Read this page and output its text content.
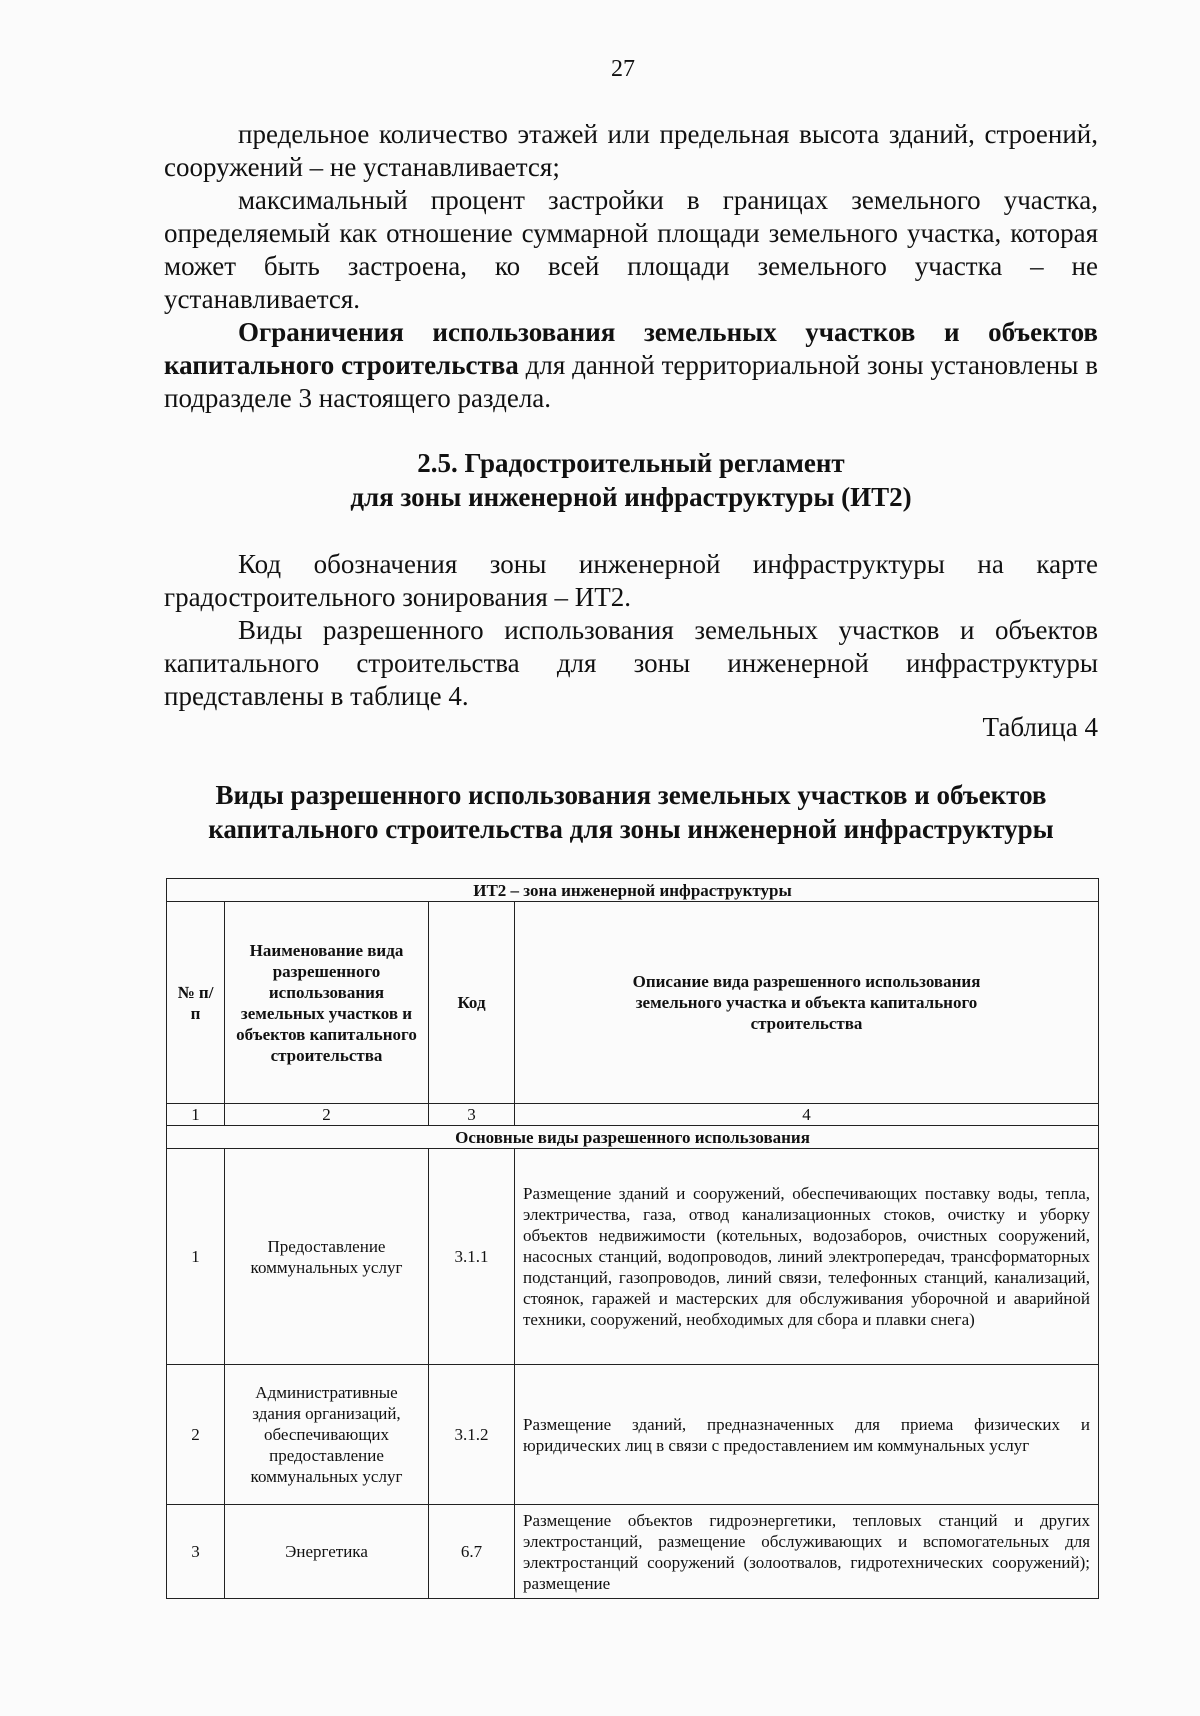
27

предельное количество этажей или предельная высота зданий, строений, сооружений – не устанавливается;

максимальный процент застройки в границах земельного участка, определяемый как отношение суммарной площади земельного участка, которая может быть застроена, ко всей площади земельного участка – не устанавливается.

Ограничения использования земельных участков и объектов капитального строительства для данной территориальной зоны установлены в подразделе 3 настоящего раздела.

2.5. Градостроительный регламент
для зоны инженерной инфраструктуры (ИТ2)

Код обозначения зоны инженерной инфраструктуры на карте градостроительного зонирования – ИТ2.

Виды разрешенного использования земельных участков и объектов капитального строительства для зоны инженерной инфраструктуры представлены в таблице 4.

Таблица 4
Виды разрешенного использования земельных участков и объектов
капитального строительства для зоны инженерной инфраструктуры
ИТ2 – зона инженерной инфраструктуры			
№ п/п	Наименование вида разрешенного использования земельных участков и объектов капитального строительства	Код	Описание вида разрешенного использования земельного участка и объекта капитального строительства
1	2	3	4
Основные виды разрешенного использования			
1	Предоставление коммунальных услуг	3.1.1	Размещение зданий и сооружений, обеспечивающих поставку воды, тепла, электричества, газа, отвод канализационных стоков, очистку и уборку объектов недвижимости (котельных, водозаборов, очистных сооружений, насосных станций, водопроводов, линий электропередач, трансформаторных подстанций, газопроводов, линий связи, телефонных станций, канализаций, стоянок, гаражей и мастерских для обслуживания уборочной и аварийной техники, сооружений, необходимых для сбора и плавки снега)
2	Административные здания организаций, обеспечивающих предоставление коммунальных услуг	3.1.2	Размещение зданий, предназначенных для приема физических и юридических лиц в связи с предоставлением им коммунальных услуг
3	Энергетика	6.7	Размещение объектов гидроэнергетики, тепловых станций и других электростанций, размещение обслуживающих и вспомогательных для электростанций сооружений (золоотвалов, гидротехнических сооружений); размещение
